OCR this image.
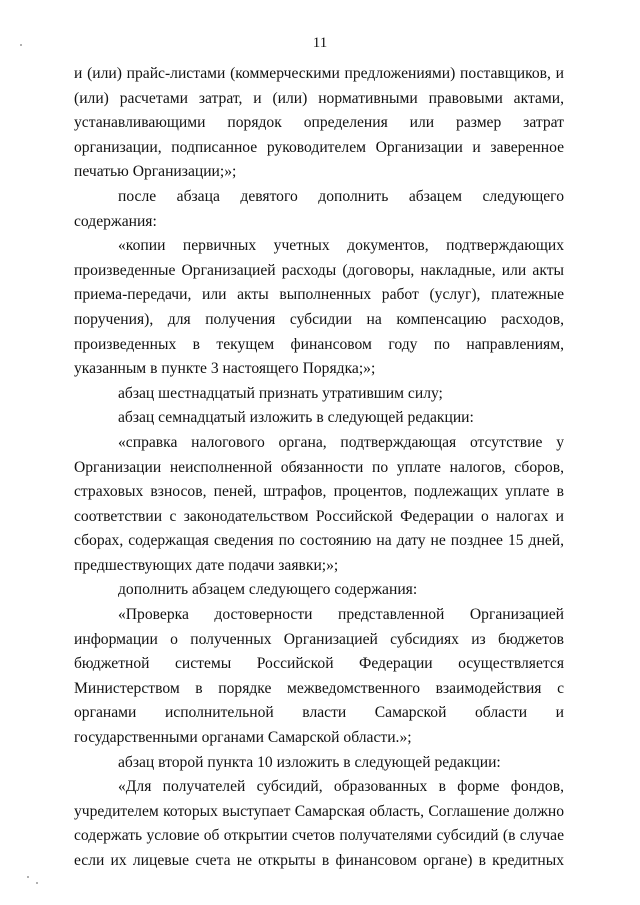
11

и (или) прайс-листами (коммерческими предложениями) поставщиков, и (или) расчетами затрат, и (или) нормативными правовыми актами, устанавливающими порядок определения или размер затрат организации, подписанное руководителем Организации и заверенное печатью Организации;»;

после абзаца девятого дополнить абзацем следующего содержания:

«копии первичных учетных документов, подтверждающих произведенные Организацией расходы (договоры, накладные, или акты приема-передачи, или акты выполненных работ (услуг), платежные поручения), для получения субсидии на компенсацию расходов, произведенных в текущем финансовом году по направлениям, указанным в пункте 3 настоящего Порядка;»;

абзац шестнадцатый признать утратившим силу;

абзац семнадцатый изложить в следующей редакции:

«справка налогового органа, подтверждающая отсутствие у Организации неисполненной обязанности по уплате налогов, сборов, страховых взносов, пеней, штрафов, процентов, подлежащих уплате в соответствии с законодательством Российской Федерации о налогах и сборах, содержащая сведения по состоянию на дату не позднее 15 дней, предшествующих дате подачи заявки;»;

дополнить абзацем следующего содержания:

«Проверка достоверности представленной Организацией информации о полученных Организацией субсидиях из бюджетов бюджетной системы Российской Федерации осуществляется Министерством в порядке межведомственного взаимодействия с органами исполнительной власти Самарской области и государственными органами Самарской области.»;

абзац второй пункта 10 изложить в следующей редакции:

«Для получателей субсидий, образованных в форме фондов, учредителем которых выступает Самарская область, Соглашение должно содержать условие об открытии счетов получателями субсидий (в случае если их лицевые счета не открыты в финансовом органе) в кредитных
